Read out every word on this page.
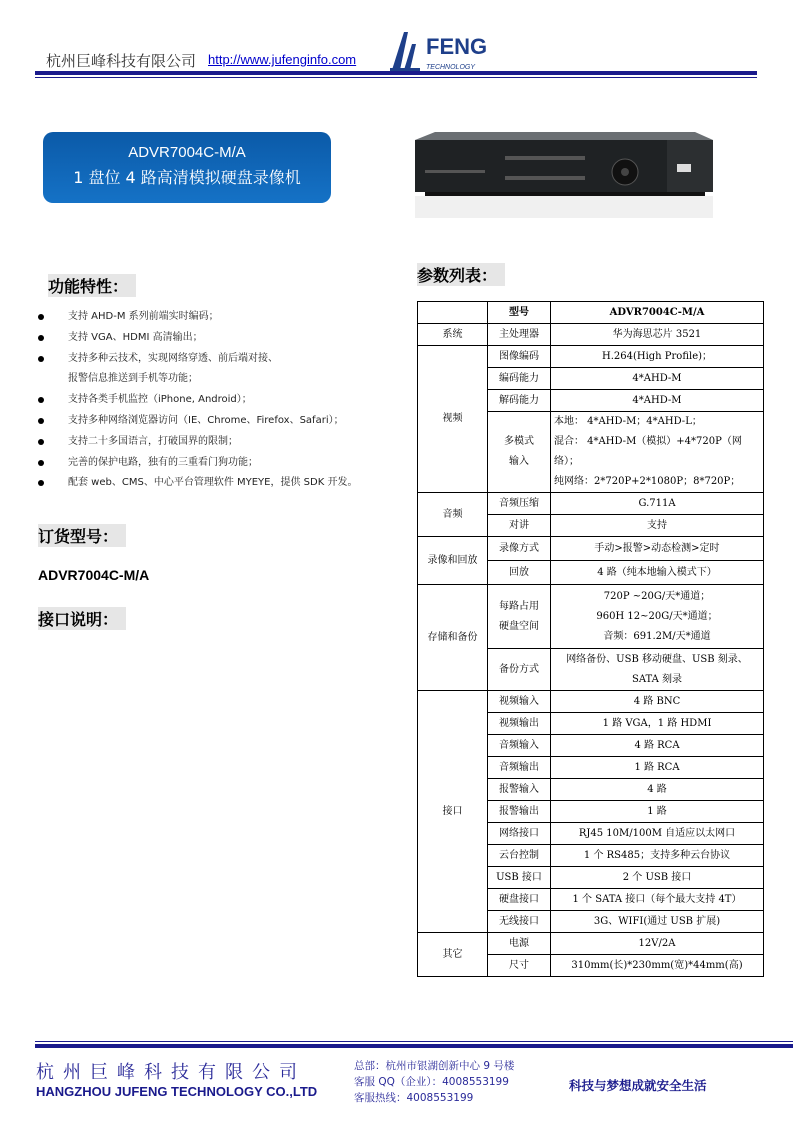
杭州巨峰科技有限公司 http://www.jufenginfo.com
FENG
TECHNOLOGY
ADVR7004C-M/A
1 盘位 4 路高清模拟硬盘录像机
功能特性：
支持 AHD-M 系列前端实时编码；
支持 VGA、HDMI 高清输出；
支持多种云技术，实现网络穿透、前后端对接、
报警信息推送到手机等功能；
支持各类手机监控（iPhone, Android）；
支持多种网络浏览器访问（IE、Chrome、Firefox、Safari）；
支持二十多国语言，打破国界的限制；
完善的保护电路，独有的三重看门狗功能；
配套 web、CMS、中心平台管理软件 MYEYE，提供 SDK 开发。
订货型号：
ADVR7004C-M/A
接口说明：
参数列表：
	型号	ADVR7004C-M/A
系统	主处理器	华为海思芯片 3521
视频	图像编码	H.264(High Profile)；
	编码能力	4*AHD-M
	解码能力	4*AHD-M
	多模式
输入	本地： 4*AHD-M；4*AHD-L；
混合： 4*AHD-M（模拟）+4*720P（网络）；
纯网络：2*720P+2*1080P；8*720P；
音频	音频压缩	G.711A
	对讲	支持
录像和回放	录像方式	手动>报警>动态检测>定时
	回放	4 路（纯本地输入模式下）
存储和备份	每路占用
硬盘空间	720P ~20G/天*通道；
960H 12~20G/天*通道；
音频：691.2M/天*通道
	备份方式	网络备份、USB 移动硬盘、USB 刻录、
SATA 刻录
接口	视频输入	4 路 BNC
	视频输出	1 路 VGA，1 路 HDMI
	音频输入	4 路 RCA
	音频输出	1 路 RCA
	报警输入	4 路
	报警输出	1 路
	网络接口	RJ45 10M/100M 自适应以太网口
	云台控制	1 个 RS485；支持多种云台协议
	USB 接口	2 个 USB 接口
	硬盘接口	1 个 SATA 接口（每个最大支持 4T）
	无线接口	3G、WIFI(通过 USB 扩展)
其它	电源	12V/2A
	尺寸	310mm(长)*230mm(宽)*44mm(高)
杭州巨峰科技有限公司
HANGZHOU JUFENG TECHNOLOGY CO.,LTD
总部：杭州市银湖创新中心 9 号楼
客服 QQ（企业）：4008553199
客服热线：4008553199
科技与梦想成就安全生活
